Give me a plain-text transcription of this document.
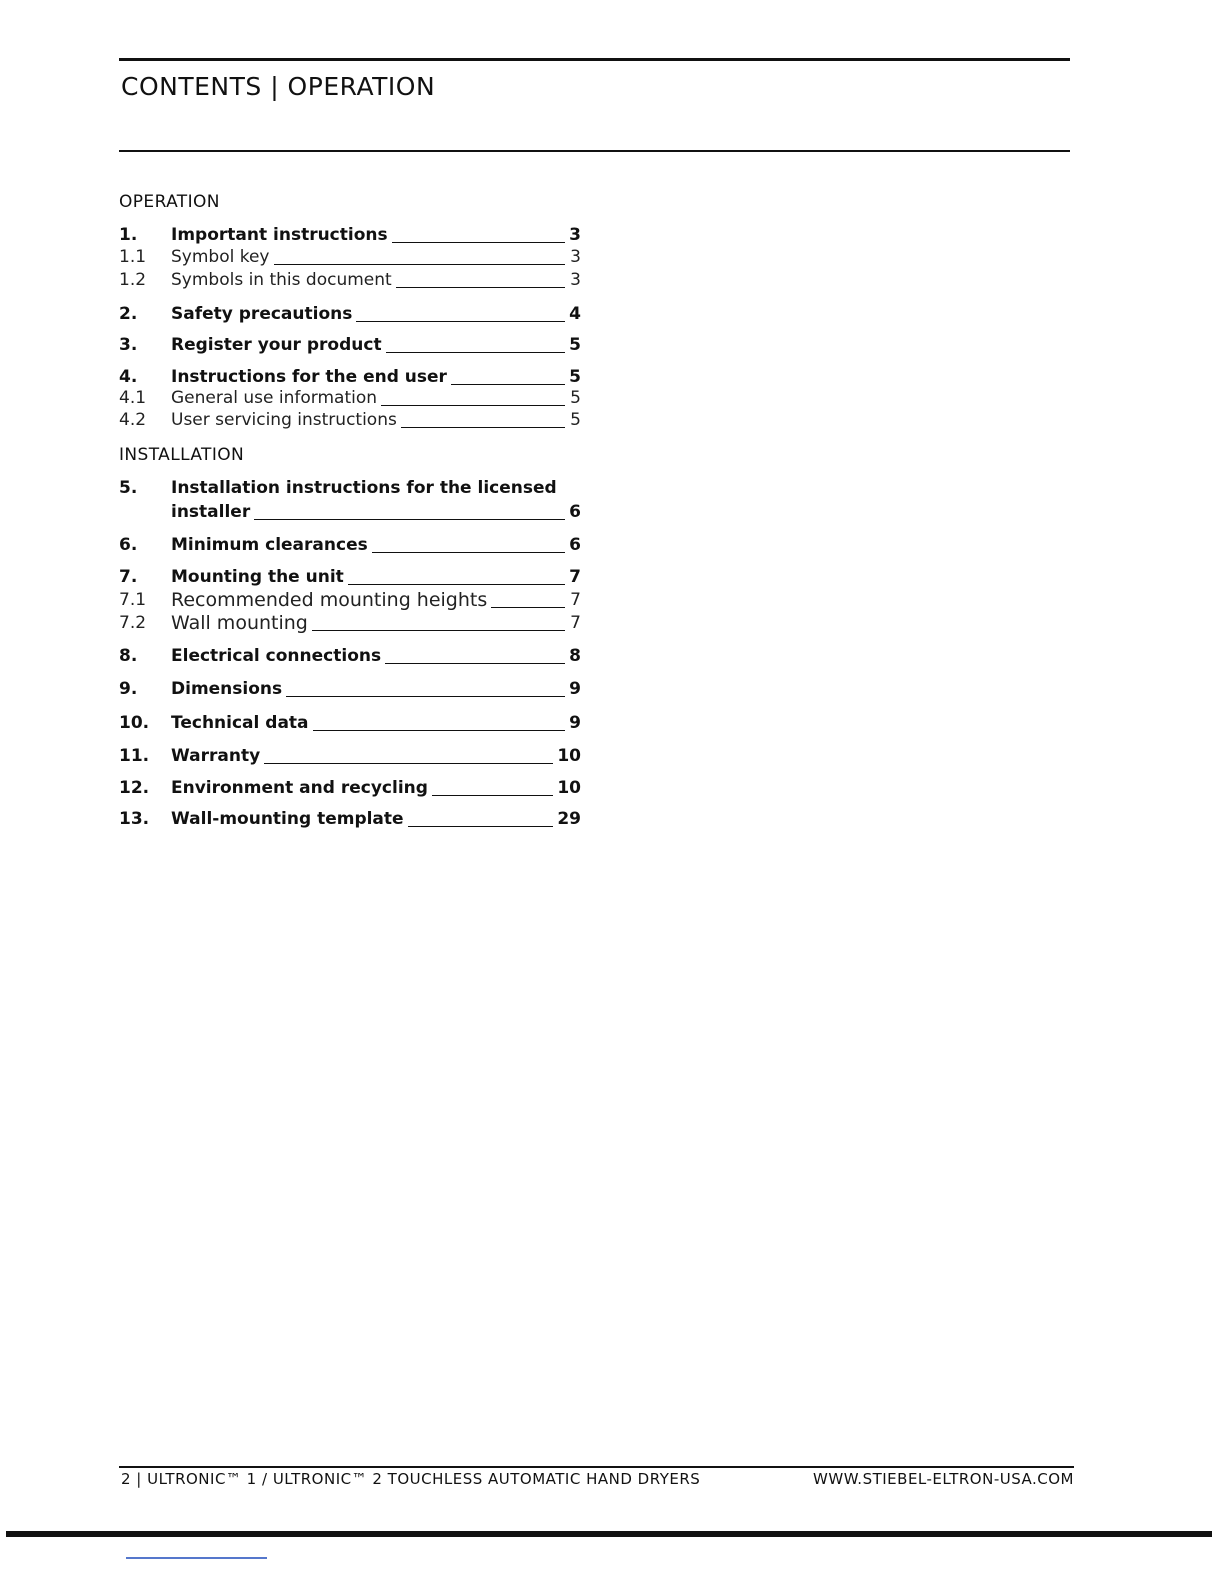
CONTENTS | OPERATION
OPERATION
INSTALLATION
1.	Important instructions	3
1.1	Symbol key	3
1.2	Symbols in this document	3
2.	Safety precautions	4
3.	Register your product	5
4.	Instructions for the end user	5
4.1	General use information	5
4.2	User servicing instructions	5
5. Installation instructions for the licensed
installer	6
6.	Minimum clearances	6
7.	Mounting the unit	7
7.1	Recommended mounting heights	7
7.2	Wall mounting	7
8.	Electrical connections	8
9.	Dimensions	9
10.	Technical data	9
11.	Warranty	10
12.	Environment and recycling	10
13.	Wall-mounting template	29
2 | ULTRONIC™ 1 / ULTRONIC™ 2 TOUCHLESS AUTOMATIC HAND DRYERS	WWW.STIEBEL-ELTRON-USA.COM
